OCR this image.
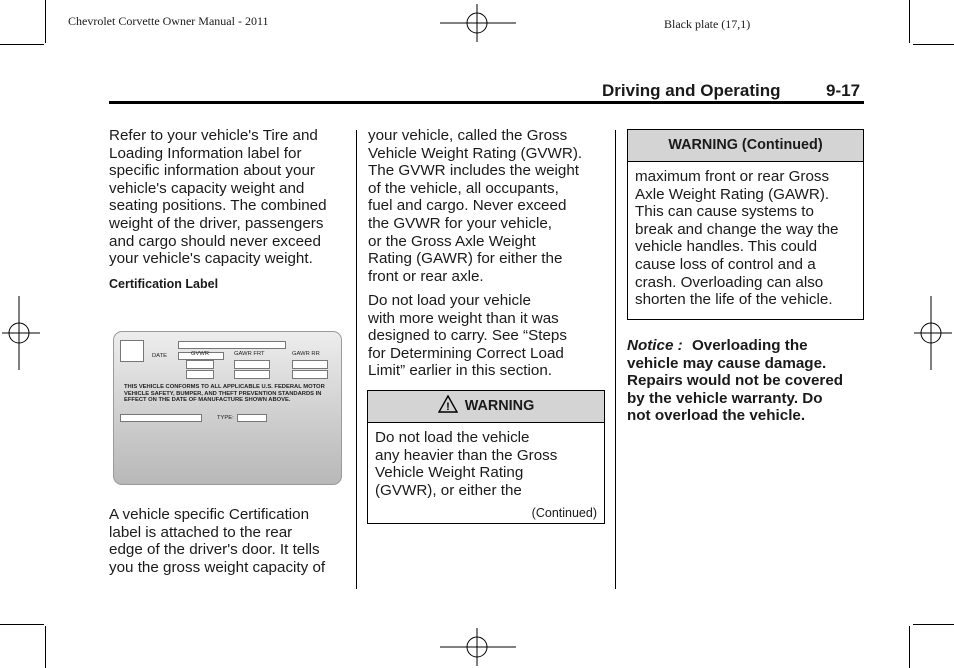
Chevrolet Corvette Owner Manual - 2011	Black plate (17,1)
Driving and Operating	9-17
Refer to your vehicle's Tire and
Loading Information label for
specific information about your
vehicle's capacity weight and
seating positions. The combined
weight of the driver, passengers
and cargo should never exceed
your vehicle's capacity weight.
Certification Label
DATE	GVWR	GAWR FRT	GAWR RR
THIS VEHICLE CONFORMS TO ALL APPLICABLE U.S. FEDERAL MOTOR
VEHICLE SAFETY, BUMPER, AND THEFT PREVENTION STANDARDS IN
EFFECT ON THE DATE OF MANUFACTURE SHOWN ABOVE.
TYPE:
A vehicle specific Certification
label is attached to the rear
edge of the driver's door. It tells
you the gross weight capacity of
your vehicle, called the Gross
Vehicle Weight Rating (GVWR).
The GVWR includes the weight
of the vehicle, all occupants,
fuel and cargo. Never exceed
the GVWR for your vehicle,
or the Gross Axle Weight
Rating (GAWR) for either the
front or rear axle.
Do not load your vehicle
with more weight than it was
designed to carry. See “Steps
for Determining Correct Load
Limit” earlier in this section.
! WARNING
Do not load the vehicle
any heavier than the Gross
Vehicle Weight Rating
(GVWR), or either the
(Continued)
WARNING (Continued)
maximum front or rear Gross
Axle Weight Rating (GAWR).
This can cause systems to
break and change the way the
vehicle handles. This could
cause loss of control and a
crash. Overloading can also
shorten the life of the vehicle.
Notice : Overloading the
vehicle may cause damage.
Repairs would not be covered
by the vehicle warranty. Do
not overload the vehicle.
